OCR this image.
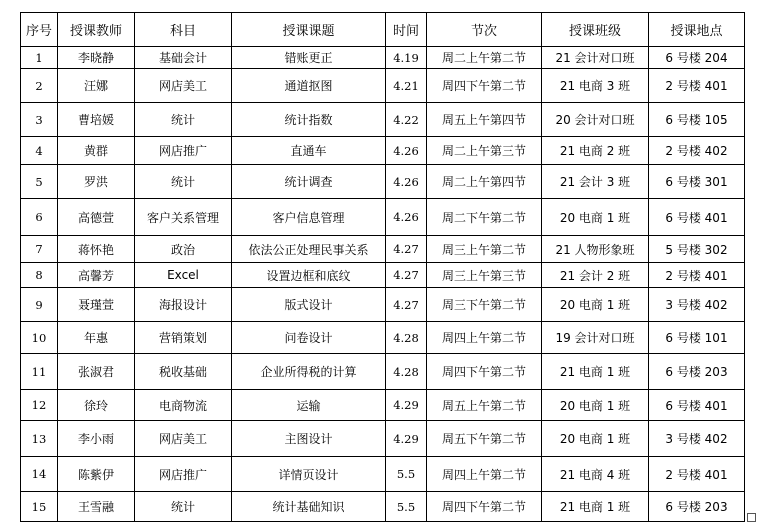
序号	授课教师	科目	授课课题	时间	节次	授课班级	授课地点
1	李晓静	基础会计	错账更正	4.19	周二上午第二节	21 会计对口班	6 号楼 204
2	汪娜	网店美工	通道抠图	4.21	周四下午第二节	21 电商 3 班	2 号楼 401
3	曹培媛	统计	统计指数	4.22	周五上午第四节	20 会计对口班	6 号楼 105
4	黄群	网店推广	直通车	4.26	周二上午第三节	21 电商 2 班	2 号楼 402
5	罗洪	统计	统计调查	4.26	周二上午第四节	21 会计 3 班	6 号楼 301
6	高德萱	客户关系管理	客户信息管理	4.26	周二下午第二节	20 电商 1 班	6 号楼 401
7	蒋怀艳	政治	依法公正处理民事关系	4.27	周三上午第二节	21 人物形象班	5 号楼 302
8	高馨芳	Excel	设置边框和底纹	4.27	周三上午第三节	21 会计 2 班	2 号楼 401
9	聂瑾萱	海报设计	版式设计	4.27	周三下午第二节	20 电商 1 班	3 号楼 402
10	年惠	营销策划	问卷设计	4.28	周四上午第二节	19 会计对口班	6 号楼 101
11	张淑君	税收基础	企业所得税的计算	4.28	周四下午第二节	21 电商 1 班	6 号楼 203
12	徐玲	电商物流	运输	4.29	周五上午第二节	20 电商 1 班	6 号楼 401
13	李小雨	网店美工	主图设计	4.29	周五下午第二节	20 电商 1 班	3 号楼 402
14	陈紫伊	网店推广	详情页设计	5.5	周四上午第二节	21 电商 4 班	2 号楼 401
15	王雪融	统计	统计基础知识	5.5	周四下午第二节	21 电商 1 班	6 号楼 203
